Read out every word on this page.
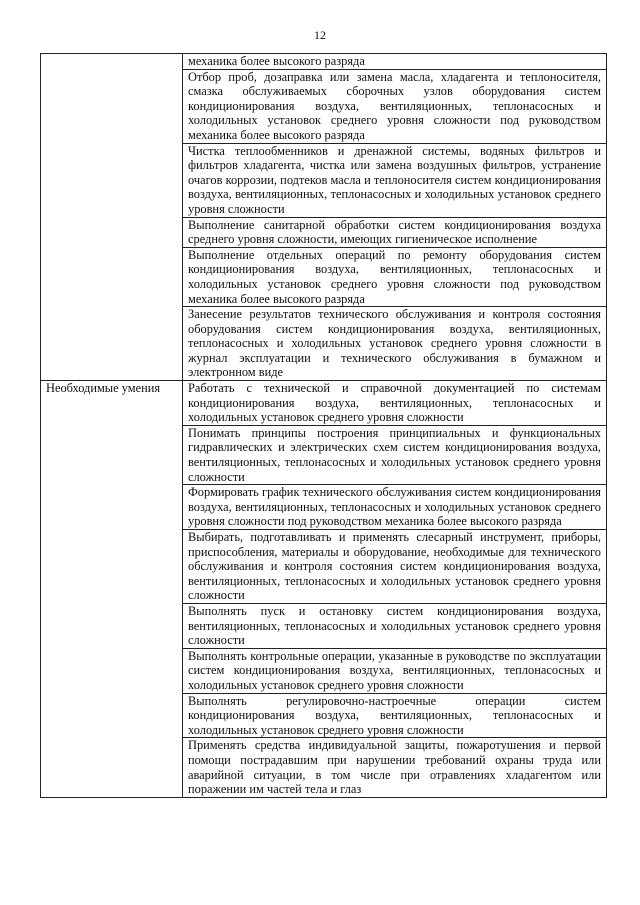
12

	механика более высокого разряда

	Отбор проб, дозаправка или замена масла, хладагента и теплоносителя, смазка обслуживаемых сборочных узлов оборудования систем кондиционирования воздуха, вентиляционных, теплонасосных и холодильных установок среднего уровня сложности под руководством механика более высокого разряда

	Чистка теплообменников и дренажной системы, водяных фильтров и фильтров хладагента, чистка или замена воздушных фильтров, устранение очагов коррозии, подтеков масла и теплоносителя систем кондиционирования воздуха, вентиляционных, теплонасосных и холодильных установок среднего уровня сложности

	Выполнение санитарной обработки систем кондиционирования воздуха среднего уровня сложности, имеющих гигиеническое исполнение

	Выполнение отдельных операций по ремонту оборудования систем кондиционирования воздуха, вентиляционных, теплонасосных и холодильных установок среднего уровня сложности под руководством механика более высокого разряда

	Занесение результатов технического обслуживания и контроля состояния оборудования систем кондиционирования воздуха, вентиляционных, теплонасосных и холодильных установок среднего уровня сложности в журнал эксплуатации и технического обслуживания в бумажном и электронном виде

Необходимые умения	Работать с технической и справочной документацией по системам кондиционирования воздуха, вентиляционных, теплонасосных и холодильных установок среднего уровня сложности

	Понимать принципы построения принципиальных и функциональных гидравлических и электрических схем систем кондиционирования воздуха, вентиляционных, теплонасосных и холодильных установок среднего уровня сложности

	Формировать график технического обслуживания систем кондиционирования воздуха, вентиляционных, теплонасосных и холодильных установок среднего уровня сложности под руководством механика более высокого разряда

	Выбирать, подготавливать и применять слесарный инструмент, приборы, приспособления, материалы и оборудование, необходимые для технического обслуживания и контроля состояния систем кондиционирования воздуха, вентиляционных, теплонасосных и холодильных установок среднего уровня сложности

	Выполнять пуск и остановку систем кондиционирования воздуха, вентиляционных, теплонасосных и холодильных установок среднего уровня сложности

	Выполнять контрольные операции, указанные в руководстве по эксплуатации систем кондиционирования воздуха, вентиляционных, теплонасосных и холодильных установок среднего уровня сложности

	Выполнять регулировочно-настроечные операции систем кондиционирования воздуха, вентиляционных, теплонасосных и холодильных установок среднего уровня сложности

	Применять средства индивидуальной защиты, пожаротушения и первой помощи пострадавшим при нарушении требований охраны труда или аварийной ситуации, в том числе при отравлениях хладагентом или поражении им частей тела и глаз
